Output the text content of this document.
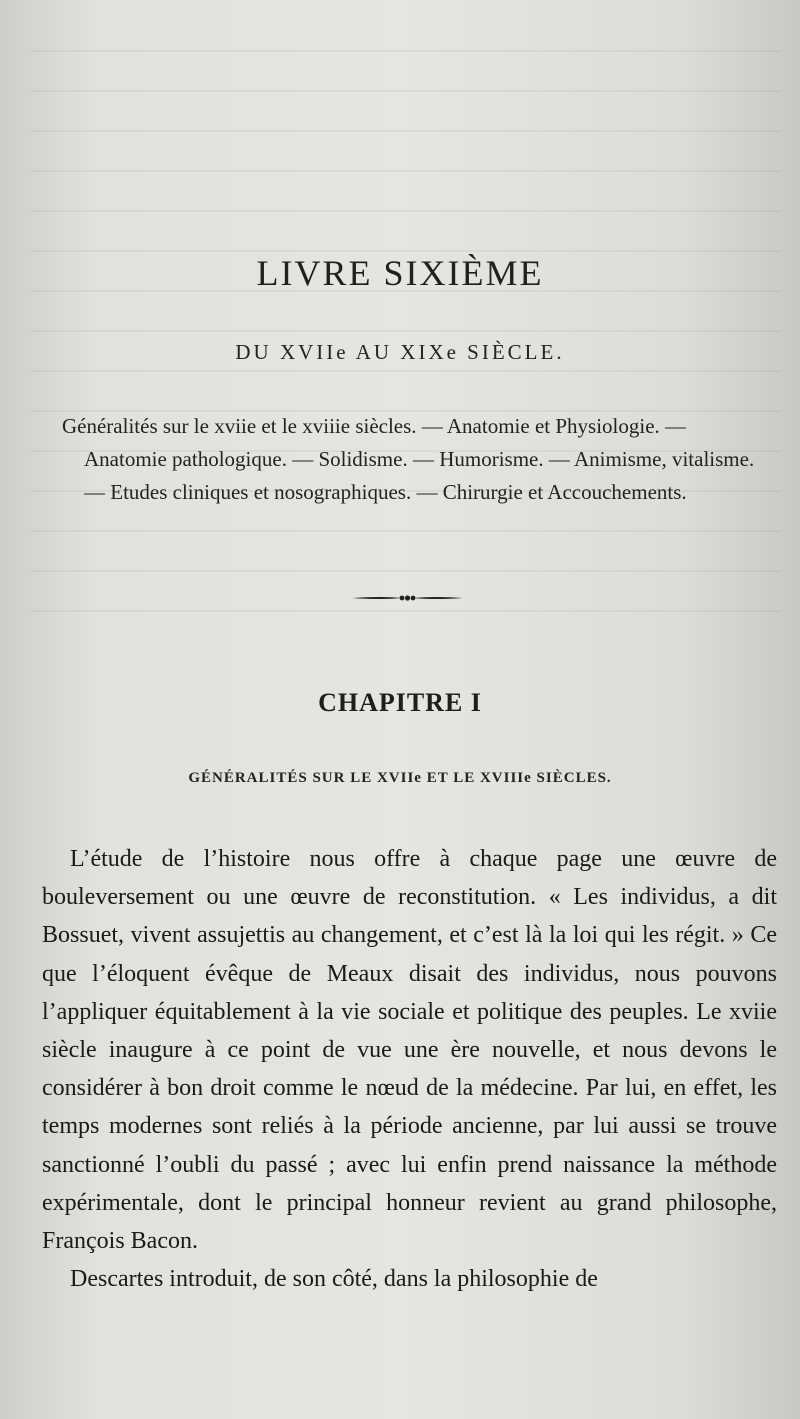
LIVRE SIXIÈME
DU XVIIe AU XIXe SIÈCLE.
Généralités sur le xviie et le xviiie siècles. — Anatomie et Physiologie. — Anatomie pathologique. — Solidisme. — Humorisme. — Animisme, vitalisme. — Etudes cliniques et nosographiques. — Chirurgie et Accouchements.
CHAPITRE I
GÉNÉRALITÉS SUR LE XVIIe ET LE XVIIIe SIÈCLES.

L’étude de l’histoire nous offre à chaque page une œuvre de bouleversement ou une œuvre de reconstitution. « Les individus, a dit Bossuet, vivent assujettis au changement, et c’est là la loi qui les régit. » Ce que l’éloquent évêque de Meaux disait des individus, nous pouvons l’appliquer équitablement à la vie sociale et politique des peuples. Le xviie siècle inaugure à ce point de vue une ère nouvelle, et nous devons le considérer à bon droit comme le nœud de la médecine. Par lui, en effet, les temps modernes sont reliés à la période ancienne, par lui aussi se trouve sanctionné l’oubli du passé ; avec lui enfin prend naissance la méthode expérimentale, dont le principal honneur revient au grand philosophe, François Bacon.

Descartes introduit, de son côté, dans la philosophie de
